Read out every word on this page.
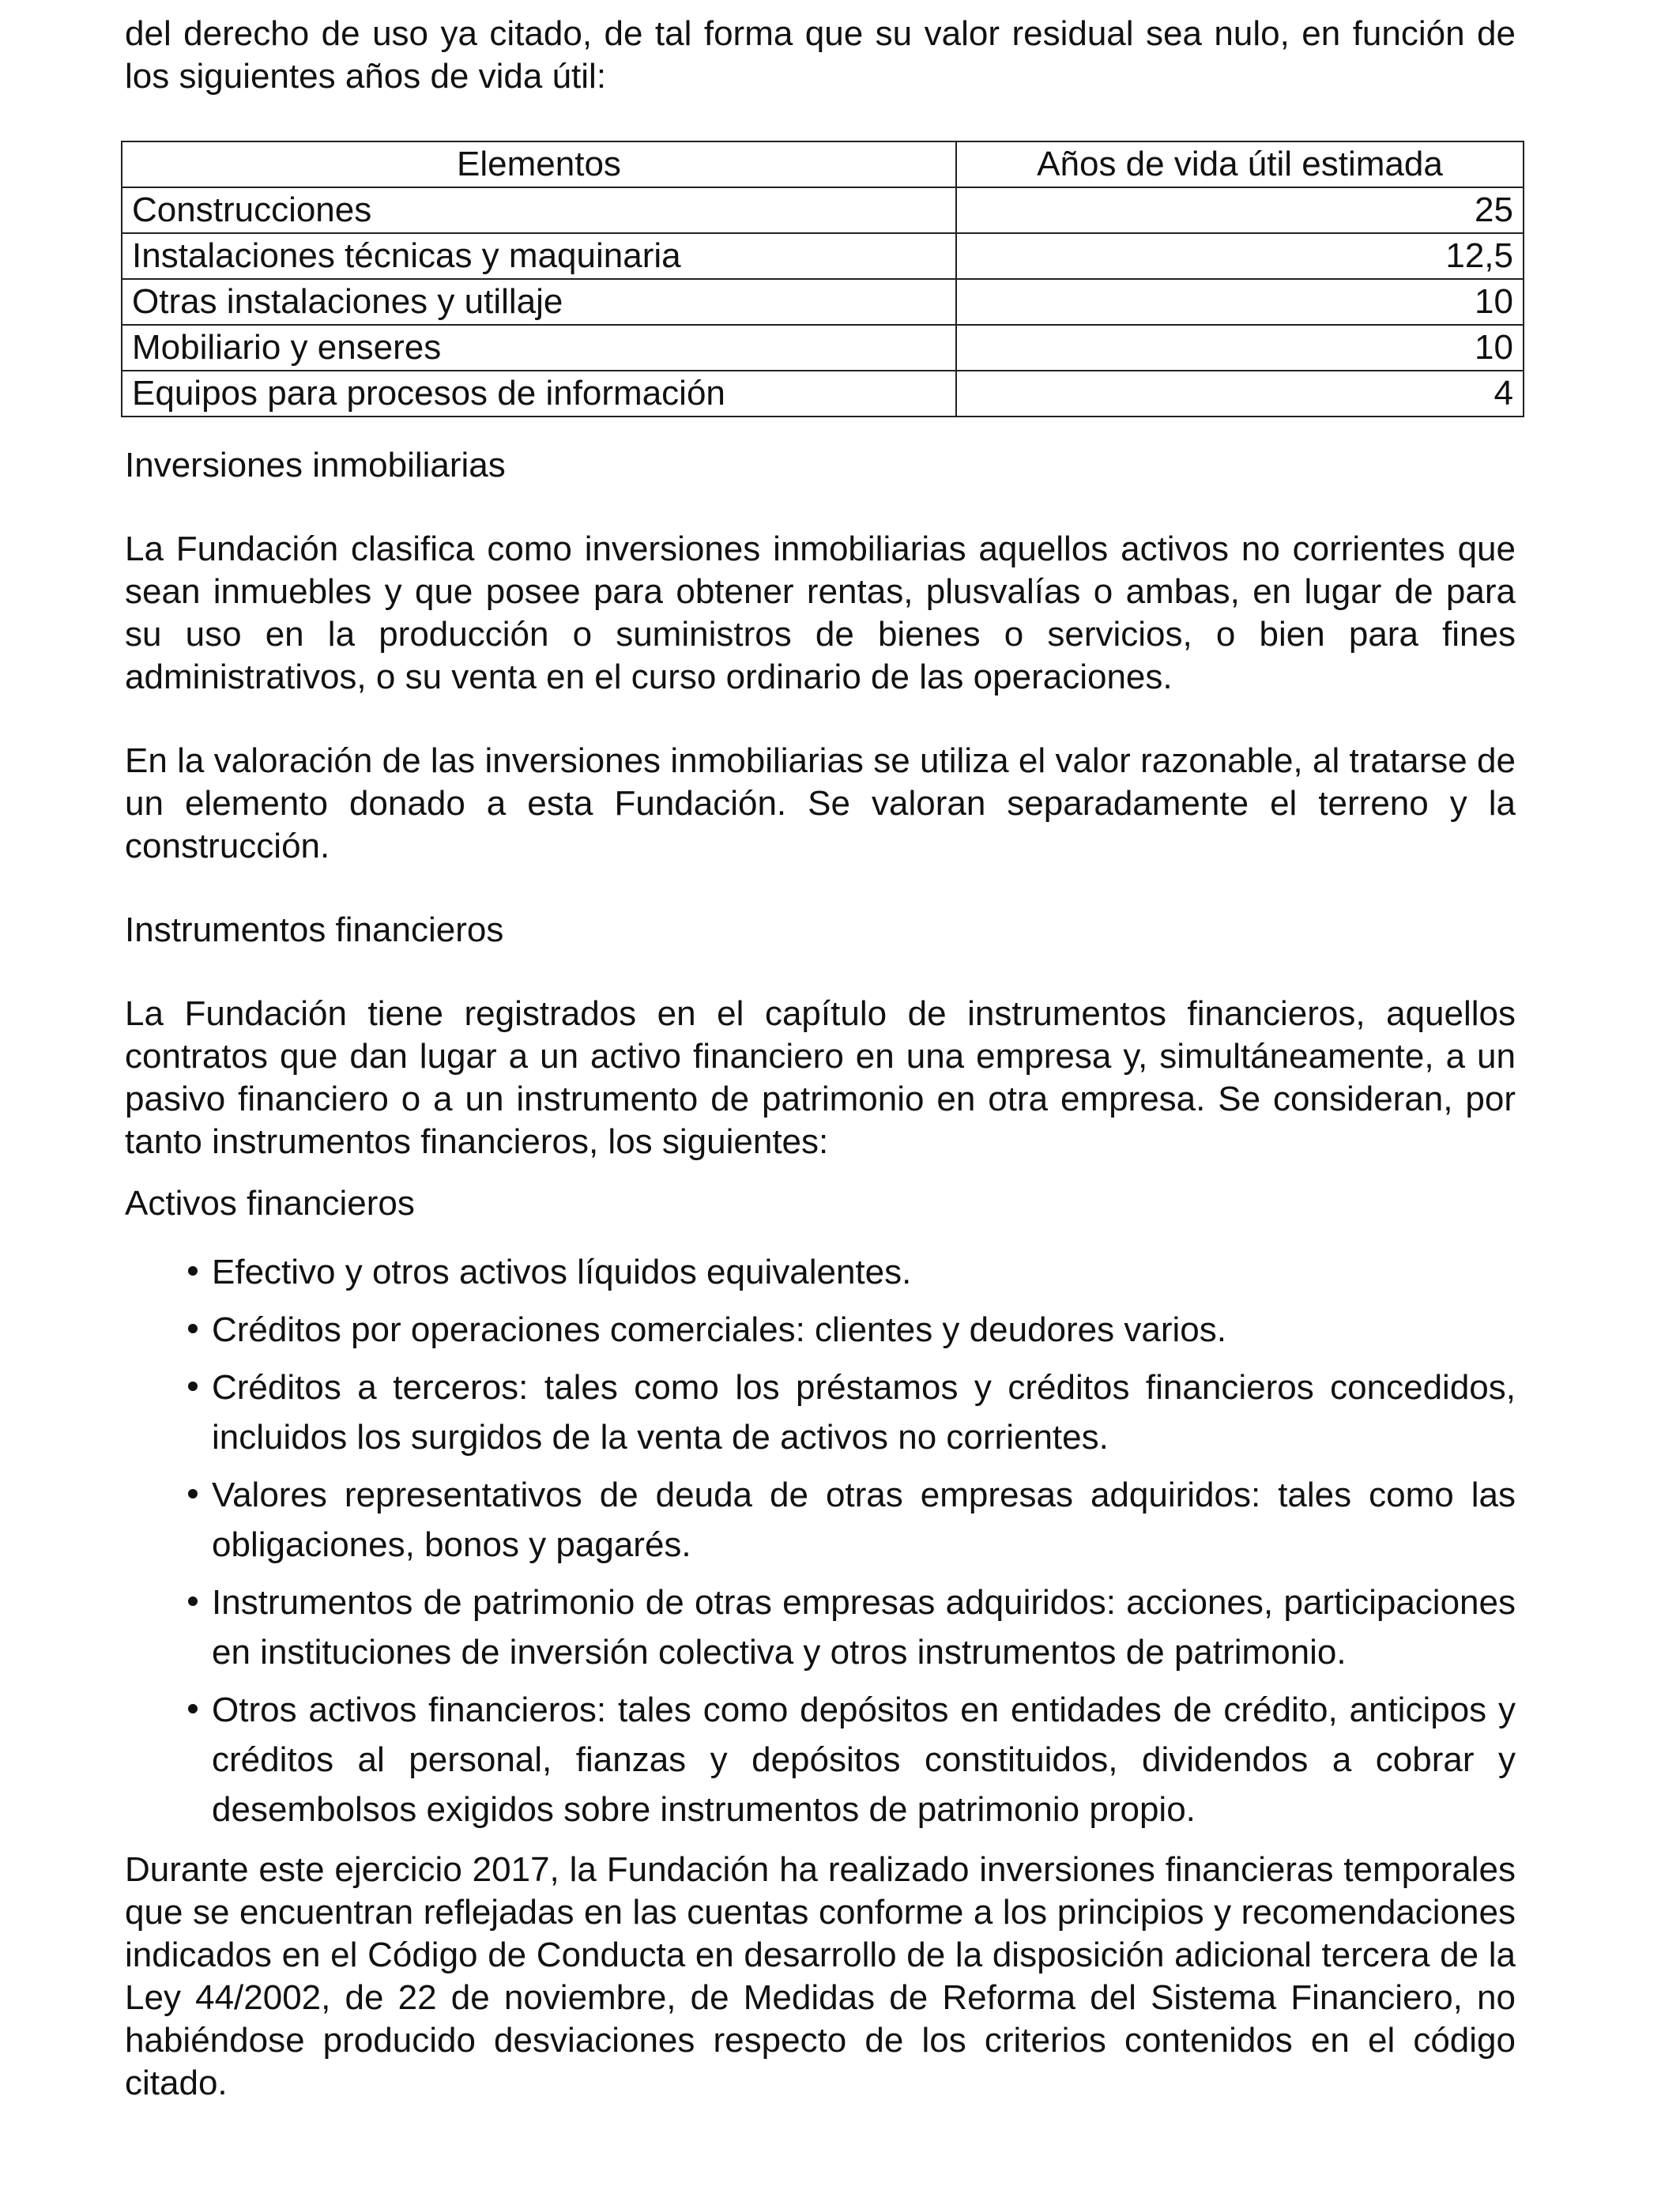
del derecho de uso ya citado, de tal forma que su valor residual sea nulo, en función de los siguientes años de vida útil:

Elementos	Años de vida útil estimada
Construcciones	25
Instalaciones técnicas y maquinaria	12,5
Otras instalaciones y utillaje	10
Mobiliario y enseres	10
Equipos para procesos de información	4

Inversiones inmobiliarias

La Fundación clasifica como inversiones inmobiliarias aquellos activos no corrientes que sean inmuebles y que posee para obtener rentas, plusvalías o ambas, en lugar de para su uso en la producción o suministros de bienes o servicios, o bien para fines administrativos, o su venta en el curso ordinario de las operaciones.

En la valoración de las inversiones inmobiliarias se utiliza el valor razonable, al tratarse de un elemento donado a esta Fundación. Se valoran separadamente el terreno y la construcción.

Instrumentos financieros

La Fundación tiene registrados en el capítulo de instrumentos financieros, aquellos contratos que dan lugar a un activo financiero en una empresa y, simultáneamente, a un pasivo financiero o a un instrumento de patrimonio en otra empresa. Se consideran, por tanto instrumentos financieros, los siguientes:

Activos financieros

Efectivo y otros activos líquidos equivalentes.
Créditos por operaciones comerciales: clientes y deudores varios.
Créditos a terceros: tales como los préstamos y créditos financieros concedidos, incluidos los surgidos de la venta de activos no corrientes.
Valores representativos de deuda de otras empresas adquiridos: tales como las obligaciones, bonos y pagarés.
Instrumentos de patrimonio de otras empresas adquiridos: acciones, participaciones en instituciones de inversión colectiva y otros instrumentos de patrimonio.
Otros activos financieros: tales como depósitos en entidades de crédito, anticipos y créditos al personal, fianzas y depósitos constituidos, dividendos a cobrar y desembolsos exigidos sobre instrumentos de patrimonio propio.

Durante este ejercicio 2017, la Fundación ha realizado inversiones financieras temporales que se encuentran reflejadas en las cuentas conforme a los principios y recomendaciones indicados en el Código de Conducta en desarrollo de la disposición adicional tercera de la Ley 44/2002, de 22 de noviembre, de Medidas de Reforma del Sistema Financiero, no habiéndose producido desviaciones respecto de los criterios contenidos en el código citado.
